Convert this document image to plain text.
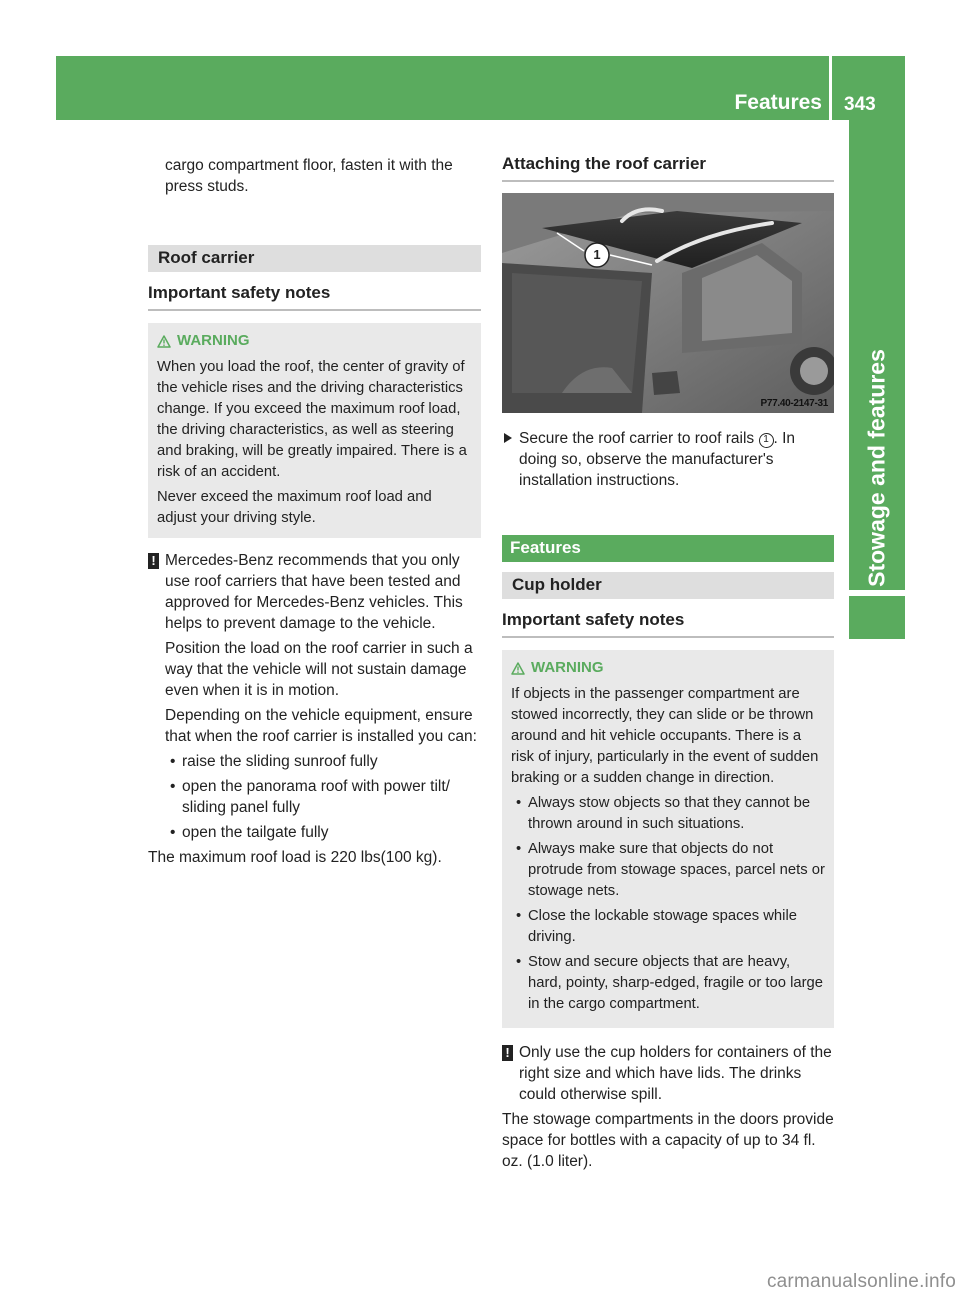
Features 343
Stowage and features

cargo compartment floor, fasten it with the press studs.

Roof carrier
Important safety notes
WARNING

When you load the roof, the center of gravity of the vehicle rises and the driving characteristics change. If you exceed the maximum roof load, the driving characteristics, as well as steering and braking, will be greatly impaired. There is a risk of an accident.

Never exceed the maximum roof load and adjust your driving style.

! Mercedes-Benz recommends that you only use roof carriers that have been tested and approved for Mercedes-Benz vehicles. This helps to prevent damage to the vehicle.

Position the load on the roof carrier in such a way that the vehicle will not sustain damage even when it is in motion.

Depending on the vehicle equipment, ensure that when the roof carrier is installed you can:

• raise the sliding sunroof fully
• open the panorama roof with power tilt/ sliding panel fully
• open the tailgate fully

The maximum roof load is 220 lbs(100 kg).

Attaching the roof carrier
1
P77.40-2147-31
Secure the roof carrier to roof rails 1 . In doing so, observe the manufacturer's installation instructions.
Features
Cup holder
Important safety notes
WARNING

If objects in the passenger compartment are stowed incorrectly, they can slide or be thrown around and hit vehicle occupants. There is a risk of injury, particularly in the event of sudden braking or a sudden change in direction.

• Always stow objects so that they cannot be thrown around in such situations.
• Always make sure that objects do not protrude from stowage spaces, parcel nets or stowage nets.
• Close the lockable stowage spaces while driving.
• Stow and secure objects that are heavy, hard, pointy, sharp-edged, fragile or too large in the cargo compartment.
! Only use the cup holders for containers of the right size and which have lids. The drinks could otherwise spill.

The stowage compartments in the doors provide space for bottles with a capacity of up to 34 fl. oz. (1.0 liter).

carmanualsonline.info
